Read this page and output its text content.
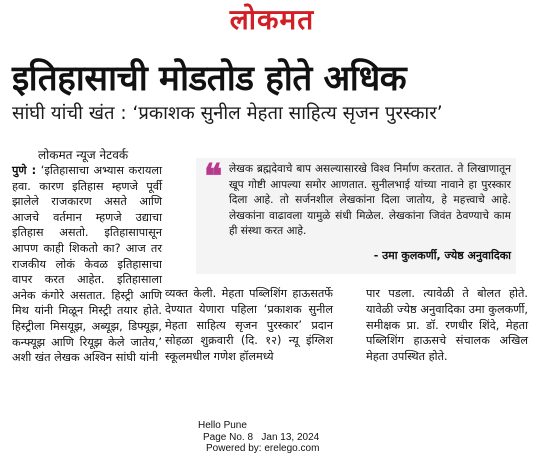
लोकमत
इतिहासाची मोडतोड होते अधिक
सांघी यांची खंत : ‘प्रकाशक सुनील मेहता साहित्य सृजन पुरस्कार’
लोकमत न्यूज नेटवर्क

पुणे : ‘इतिहासाचा अभ्यास करायला हवा. कारण इतिहास म्हणजे पूर्वी झालेले राजकारण असते आणि आजचे वर्तमान म्हणजे उद्याचा इतिहास असतो. इतिहासापासून आपण काही शिकतो का? आज तर राजकीय लोकं केवळ इतिहासाचा वापर करत आहेत. इतिहासाला अनेक कंगोरे असतात. हिस्ट्री आणि मिथ यांनी मिळून मिस्ट्री तयार होते. हिस्ट्रीला मिसयूझ, अब्यूझ, डिफ्यूझ, कन्फ्यूझ आणि रियूझ केले जातेय,’ अशी खंत लेखक अश्विन सांघी यांनी

❝ लेखक ब्रह्मदेवाचे बाप असल्यासारखे विश्व निर्माण करतात. ते लिखाणातून खूप गोष्टी आपल्या समोर आणतात. सुनीलभाई यांच्या नावाने हा पुरस्कार दिला आहे. तो सर्जनशील लेखकांना दिला जातोय, हे महत्त्वाचे आहे. लेखकांना वाढावला यामुळे संधी मिळेल. लेखकांना जिवंत ठेवण्याचे काम ही संस्था करत आहे.
- उमा कुलकर्णी, ज्येष्ठ अनुवादिका

व्यक्त केली. मेहता पब्लिशिंग हाऊसतर्फे देण्यात येणारा पहिला ‘प्रकाशक सुनील मेहता साहित्य सृजन पुरस्कार’ प्रदान सोहळा शुक्रवारी (दि. १२) न्यू इंग्लिश स्कूलमधील गणेश हॉलमध्ये

पार पडला. त्यावेळी ते बोलत होते. यावेळी ज्येष्ठ अनुवादिका उमा कुलकर्णी, समीक्षक प्रा. डॉ. रणधीर शिंदे, मेहता पब्लिशिंग हाऊसचे संचालक अखिल मेहता उपस्थित होते.

Hello Pune
Page No. 8 Jan 13, 2024
Powered by: erelego.com
